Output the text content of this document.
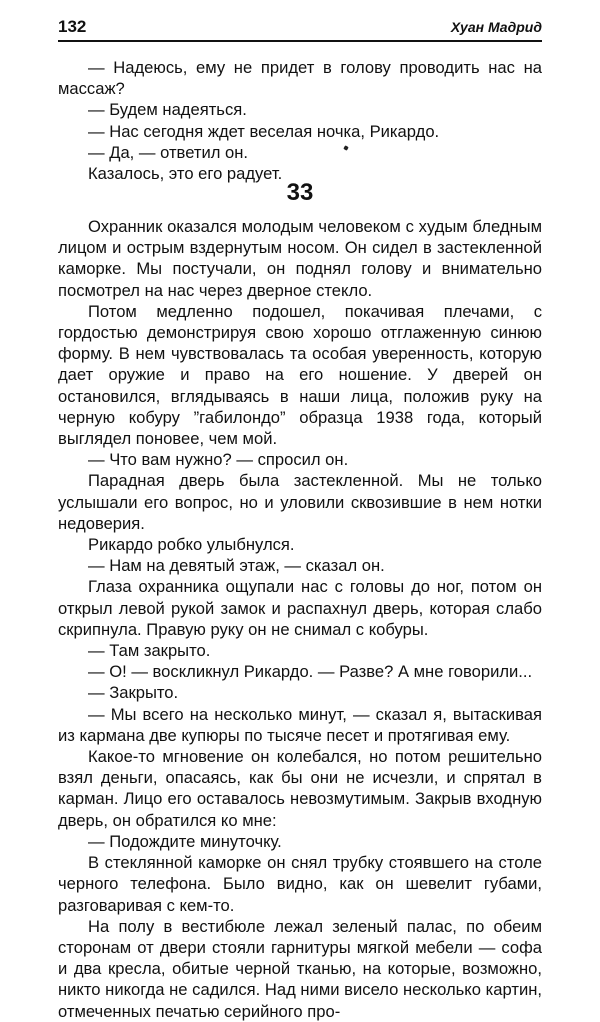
132	Хуан Мадрид

— Надеюсь, ему не придет в голову проводить нас на массаж?

— Будем надеяться.

— Нас сегодня ждет веселая ночка, Рикардо.

— Да, — ответил он.

Казалось, это его радует.

33

Охранник оказался молодым человеком с худым бледным лицом и острым вздернутым носом. Он сидел в застекленной каморке. Мы постучали, он поднял голову и внимательно посмотрел на нас через дверное стекло.

Потом медленно подошел, покачивая плечами, с гордостью демонстрируя свою хорошо отглаженную синюю форму. В нем чувствовалась та особая уверенность, которую дает оружие и право на его ношение. У дверей он остановился, вглядываясь в наши лица, положив руку на черную кобуру ”габилондо” образца 1938 года, который выглядел поновее, чем мой.

— Что вам нужно? — спросил он.

Парадная дверь была застекленной. Мы не только услышали его вопрос, но и уловили сквозившие в нем нотки недоверия.

Рикардо робко улыбнулся.

— Нам на девятый этаж, — сказал он.

Глаза охранника ощупали нас с головы до ног, потом он открыл левой рукой замок и распахнул дверь, которая слабо скрипнула. Правую руку он не снимал с кобуры.

— Там закрыто.

— О! — воскликнул Рикардо. — Разве? А мне говорили...

— Закрыто.

— Мы всего на несколько минут, — сказал я, вытаскивая из кармана две купюры по тысяче песет и протягивая ему.

Какое-то мгновение он колебался, но потом решительно взял деньги, опасаясь, как бы они не исчезли, и спрятал в карман. Лицо его оставалось невозмутимым. Закрыв входную дверь, он обратился ко мне:

— Подождите минуточку.

В стеклянной каморке он снял трубку стоявшего на столе черного телефона. Было видно, как он шевелит губами, разговаривая с кем-то.

На полу в вестибюле лежал зеленый палас, по обеим сторонам от двери стояли гарнитуры мягкой мебели — софа и два кресла, обитые черной тканью, на которые, возможно, никто никогда не садился. Над ними висело несколько картин, отмеченных печатью серийного про-
